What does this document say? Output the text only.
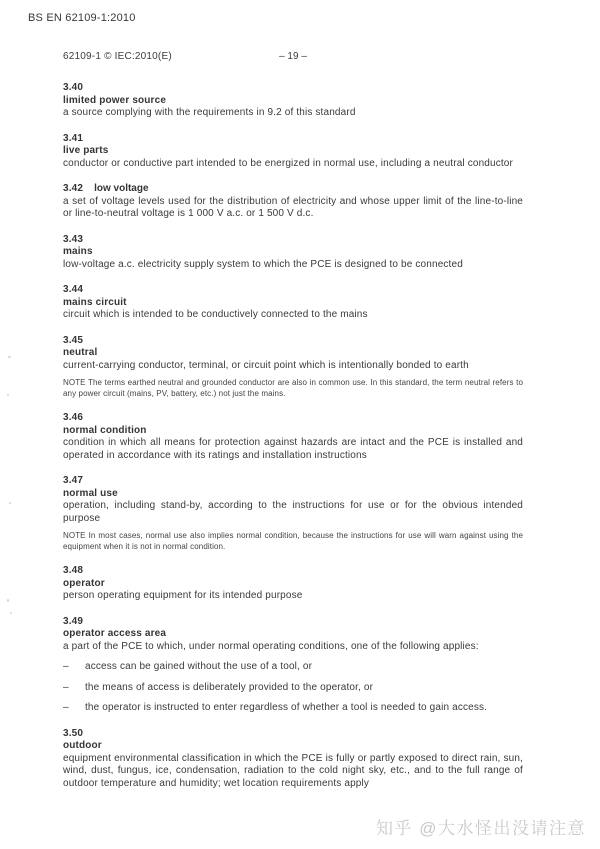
BS EN 62109-1:2010
62109-1 © IEC:2010(E)	– 19 –
3.40
limited power source

a source complying with the requirements in 9.2 of this standard

3.41
live parts

conductor or conductive part intended to be energized in normal use, including a neutral conductor

3.42 low voltage

a set of voltage levels used for the distribution of electricity and whose upper limit of the line-to-line or line-to-neutral voltage is 1 000 V a.c. or 1 500 V d.c.

3.43
mains

low-voltage a.c. electricity supply system to which the PCE is designed to be connected

3.44
mains circuit

circuit which is intended to be conductively connected to the mains

3.45
neutral

current-carrying conductor, terminal, or circuit point which is intentionally bonded to earth

NOTE The terms earthed neutral and grounded conductor are also in common use. In this standard, the term neutral refers to any power circuit (mains, PV, battery, etc.) not just the mains.

3.46
normal condition

condition in which all means for protection against hazards are intact and the PCE is installed and operated in accordance with its ratings and installation instructions

3.47
normal use

operation, including stand-by, according to the instructions for use or for the obvious intended purpose

NOTE In most cases, normal use also implies normal condition, because the instructions for use will warn against using the equipment when it is not in normal condition.

3.48
operator

person operating equipment for its intended purpose

3.49
operator access area

a part of the PCE to which, under normal operating conditions, one of the following applies:

–	access can be gained without the use of a tool, or
–	the means of access is deliberately provided to the operator, or
–	the operator is instructed to enter regardless of whether a tool is needed to gain access.
3.50
outdoor

equipment environmental classification in which the PCE is fully or partly exposed to direct rain, sun, wind, dust, fungus, ice, condensation, radiation to the cold night sky, etc., and to the full range of outdoor temperature and humidity; wet location requirements apply

知乎 @大水怪出没请注意
